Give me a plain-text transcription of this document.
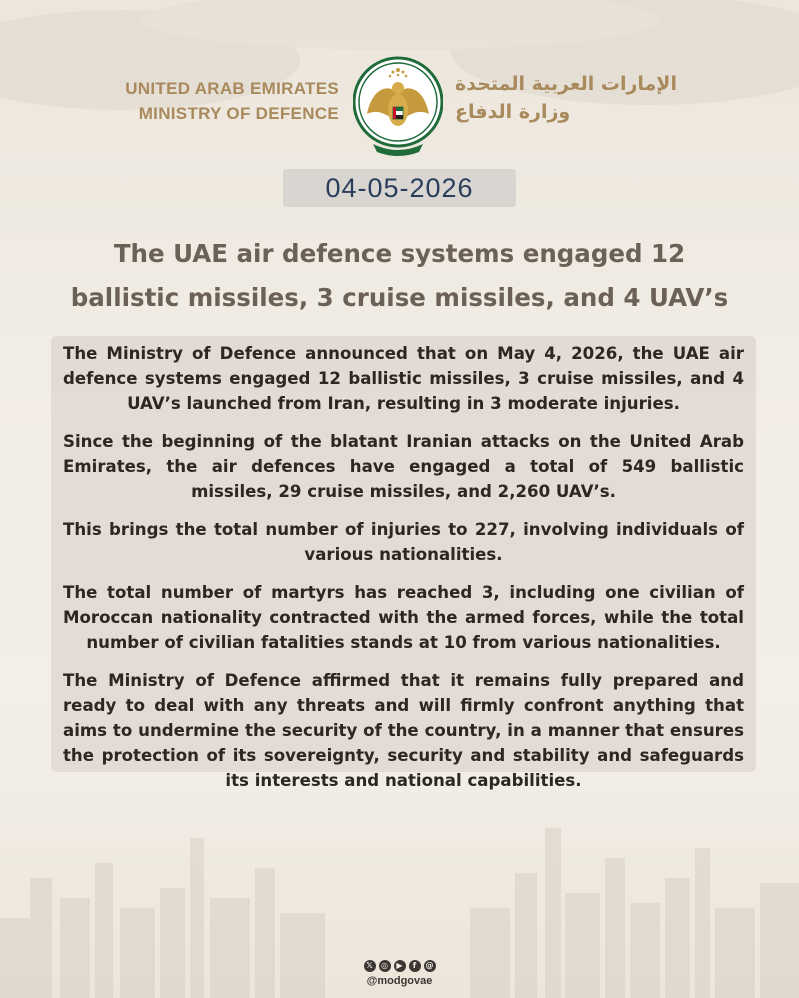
UNITED ARAB EMIRATES
MINISTRY OF DEFENCE
الإمارات العربية المتحدة
وزارة الدفاع
04-05-2026
The UAE air defence systems engaged 12
ballistic missiles, 3 cruise missiles, and 4 UAV’s

The Ministry of Defence announced that on May 4, 2026, the UAE air defence systems engaged 12 ballistic missiles, 3 cruise missiles, and 4 UAV’s launched from Iran, resulting in 3 moderate injuries.

Since the beginning of the blatant Iranian attacks on the United Arab Emirates, the air defences have engaged a total of 549 ballistic missiles, 29 cruise missiles, and 2,260 UAV’s.

This brings the total number of injuries to 227, involving individuals of various nationalities.

The total number of martyrs has reached 3, including one civilian of Moroccan nationality contracted with the armed forces, while the total number of civilian fatalities stands at 10 from various nationalities.

The Ministry of Defence affirmed that it remains fully prepared and ready to deal with any threats and will firmly confront anything that aims to undermine the security of the country, in a manner that ensures the protection of its sovereignty, security and stability and safeguards its interests and national capabilities.

𝕏	◎	▶	f	@
@modgovae
